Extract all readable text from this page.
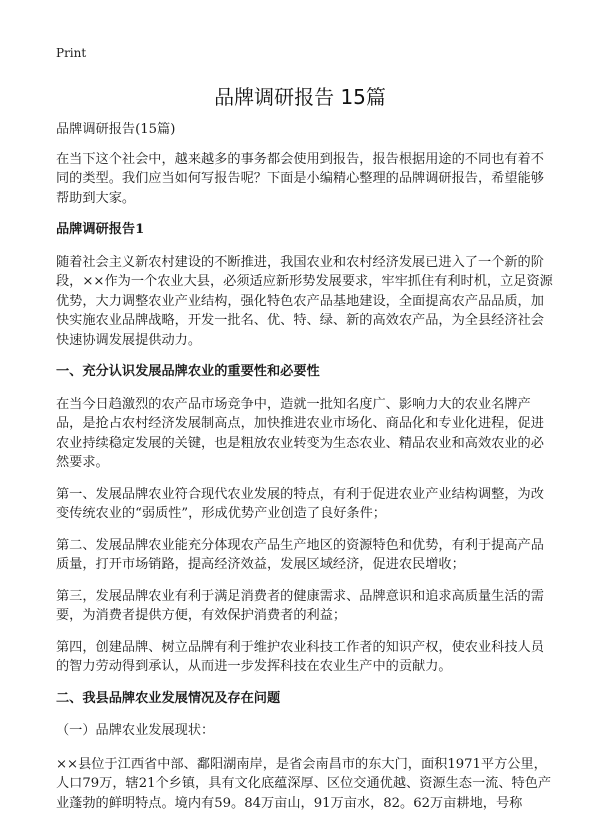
Print
品牌调研报告 15篇

品牌调研报告(15篇)

在当下这个社会中，越来越多的事务都会使用到报告，报告根据用途的不同也有着不同的类型。我们应当如何写报告呢？下面是小编精心整理的品牌调研报告，希望能够帮助到大家。

品牌调研报告1

随着社会主义新农村建设的不断推进，我国农业和农村经济发展已进入了一个新的阶段，××作为一个农业大县，必须适应新形势发展要求，牢牢抓住有利时机，立足资源优势，大力调整农业产业结构，强化特色农产品基地建设，全面提高农产品品质，加快实施农业品牌战略，开发一批名、优、特、绿、新的高效农产品，为全县经济社会快速协调发展提供动力。

一、充分认识发展品牌农业的重要性和必要性

在当今日趋激烈的农产品市场竞争中，造就一批知名度广、影响力大的农业名牌产品，是抢占农村经济发展制高点，加快推进农业市场化、商品化和专业化进程，促进农业持续稳定发展的关键，也是粗放农业转变为生态农业、精品农业和高效农业的必然要求。

第一、发展品牌农业符合现代农业发展的特点，有利于促进农业产业结构调整，为改变传统农业的“弱质性”，形成优势产业创造了良好条件；

第二、发展品牌农业能充分体现农产品生产地区的资源特色和优势，有利于提高产品质量，打开市场销路，提高经济效益，发展区域经济，促进农民增收；

第三，发展品牌农业有利于满足消费者的健康需求、品牌意识和追求高质量生活的需要，为消费者提供方便，有效保护消费者的利益；

第四，创建品牌、树立品牌有利于维护农业科技工作者的知识产权，使农业科技人员的智力劳动得到承认，从而进一步发挥科技在农业生产中的贡献力。

二、我县品牌农业发展情况及存在问题

（一）品牌农业发展现状：

××县位于江西省中部、鄱阳湖南岸，是省会南昌市的东大门，面积1971平方公里，人口79万，辖21个乡镇，具有文化底蕴深厚、区位交通优越、资源生态一流、特色产业蓬勃的鲜明特点。境内有59。84万亩山，91万亩水，82。62万亩耕地，号称
